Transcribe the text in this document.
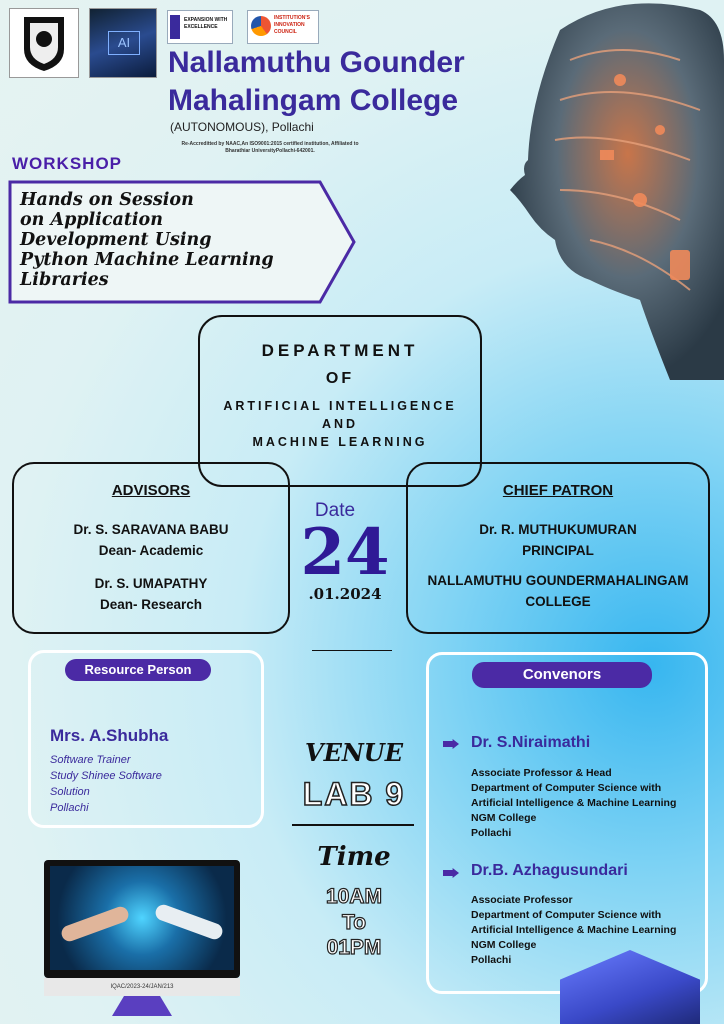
AI
EXPANSION WITH EXCELLENCE
INSTITUTION'S INNOVATION COUNCIL
Nallamuthu Gounder Mahalingam College
(AUTONOMOUS), Pollachi
Re-Accreditted by NAAC,An ISO9001:2015 certified institution, Affiliated to Bharathiar UniversityPollachi-642001.
WORKSHOP
Hands on Session
on Application
Development Using
Python Machine Learning
Libraries
DEPARTMENT
OF
ARTIFICIAL INTELLIGENCE
AND
MACHINE LEARNING
ADVISORS
Dr. S. SARAVANA BABU
Dean- Academic
Dr. S. UMAPATHY
Dean- Research
Date
24
.01.2024
CHIEF PATRON
Dr. R. MUTHUKUMURAN
PRINCIPAL
NALLAMUTHU GOUNDERMAHALINGAM
COLLEGE
Resource Person
Mrs. A.Shubha
Software Trainer
Study Shinee Software
Solution
Pollachi
VENUE
LAB 9
Time
10AM
To
01PM
Convenors
Dr. S.Niraimathi
Associate Professor & Head
Department of Computer Science with
Artificial Intelligence & Machine Learning
NGM College
Pollachi
Dr.B. Azhagusundari
Associate Professor
Department of Computer Science with
Artificial Intelligence & Machine Learning
NGM College
Pollachi
IQAC/2023-24/JAN/213
